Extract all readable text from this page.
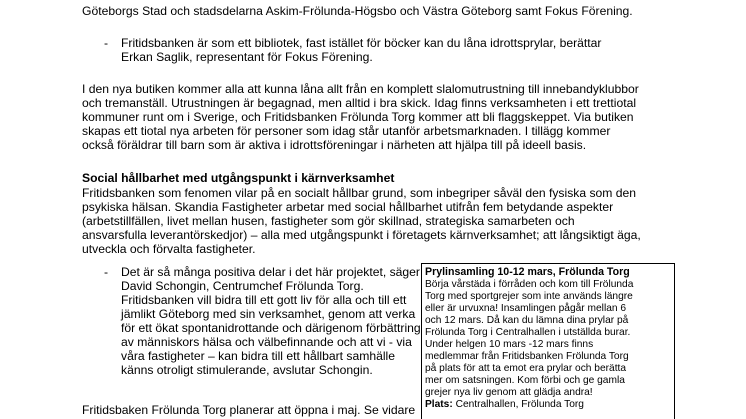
Göteborgs Stad och stadsdelarna Askim-Frölunda-Högsbo och Västra Göteborg samt Fokus Förening.
- Fritidsbanken är som ett bibliotek, fast istället för böcker kan du låna idrottsprylar, berättar
Erkan Saglik, representant för Fokus Förening.
I den nya butiken kommer alla att kunna låna allt från en komplett slalomutrustning till innebandyklubbor
och tremanställ. Utrustningen är begagnad, men alltid i bra skick. Idag finns verksamheten i ett trettiotal
kommuner runt om i Sverige, och Fritidsbanken Frölunda Torg kommer att bli flaggskeppet. Via butiken
skapas ett tiotal nya arbeten för personer som idag står utanför arbetsmarknaden. I tillägg kommer
också föräldrar till barn som är aktiva i idrottsföreningar i närheten att hjälpa till på ideell basis.
Social hållbarhet med utgångspunkt i kärnverksamhet
Fritidsbanken som fenomen vilar på en socialt hållbar grund, som inbegriper såväl den fysiska som den
psykiska hälsan. Skandia Fastigheter arbetar med social hållbarhet utifrån fem betydande aspekter
(arbetstillfällen, livet mellan husen, fastigheter som gör skillnad, strategiska samarbeten och
ansvarsfulla leverantörskedjor) – alla med utgångspunkt i företagets kärnverksamhet; att långsiktigt äga,
utveckla och förvalta fastigheter.
- Det är så många positiva delar i det här projektet, säger
David Schongin, Centrumchef Frölunda Torg.
Fritidsbanken vill bidra till ett gott liv för alla och till ett
jämlikt Göteborg med sin verksamhet, genom att verka
för ett ökat spontanidrottande och därigenom förbättring
av människors hälsa och välbefinnande och att vi - via
våra fastigheter – kan bidra till ett hållbart samhälle
känns otroligt stimulerande, avslutar Schongin.
Fritidsbaken Frölunda Torg planerar att öppna i maj. Se vidare
Prylinsamling 10-12 mars, Frölunda Torg
Börja vårstäda i förråden och kom till Frölunda
Torg med sportgrejer som inte används längre
eller är urvuxna! Insamlingen pågår mellan 6
och 12 mars. Då kan du lämna dina prylar på
Frölunda Torg i Centralhallen i utställda burar.
Under helgen 10 mars -12 mars finns
medlemmar från Fritidsbanken Frölunda Torg
på plats för att ta emot era prylar och berätta
mer om satsningen. Kom förbi och ge gamla
grejer nya liv genom att glädja andra!
Plats: Centralhallen, Frölunda Torg
